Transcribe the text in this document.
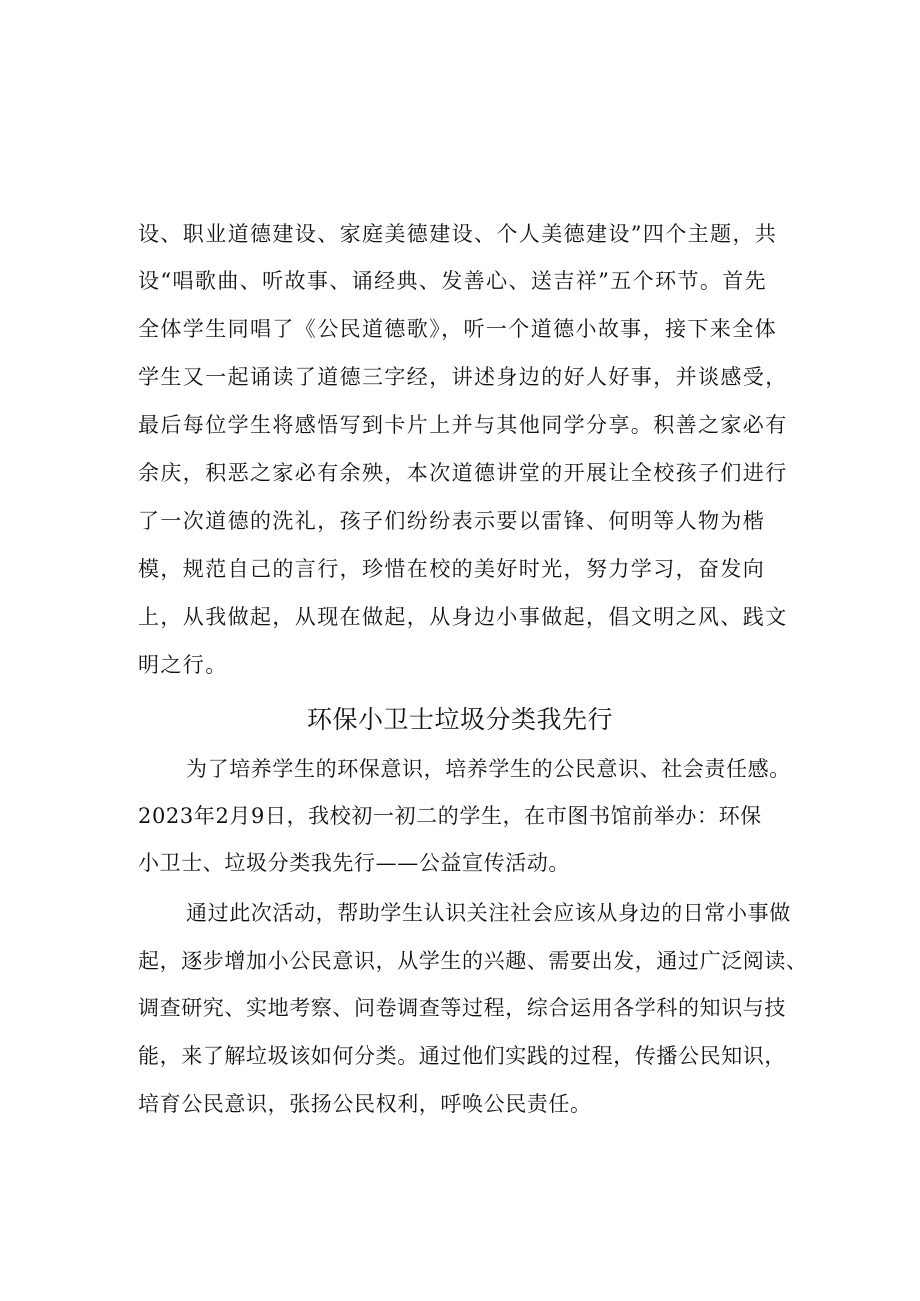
设、职业道德建设、家庭美德建设、个人美德建设”四个主题，共
设“唱歌曲、听故事、诵经典、发善心、送吉祥”五个环节。首先
全体学生同唱了《公民道德歌》，听一个道德小故事，接下来全体
学生又一起诵读了道德三字经，讲述身边的好人好事，并谈感受，
最后每位学生将感悟写到卡片上并与其他同学分享。积善之家必有
余庆，积恶之家必有余殃，本次道德讲堂的开展让全校孩子们进行
了一次道德的洗礼，孩子们纷纷表示要以雷锋、何明等人物为楷
模，规范自己的言行，珍惜在校的美好时光，努力学习，奋发向
上，从我做起，从现在做起，从身边小事做起，倡文明之风、践文
明之行。
环保小卫士垃圾分类我先行
为了培养学生的环保意识，培养学生的公民意识、社会责任感。
2023年2月9日，我校初一初二的学生，在市图书馆前举办：环保
小卫士、垃圾分类我先行——公益宣传活动。
通过此次活动，帮助学生认识关注社会应该从身边的日常小事做
起，逐步增加小公民意识，从学生的兴趣、需要出发，通过广泛阅读、
调查研究、实地考察、问卷调查等过程，综合运用各学科的知识与技
能，来了解垃圾该如何分类。通过他们实践的过程，传播公民知识，
培育公民意识，张扬公民权利，呼唤公民责任。
